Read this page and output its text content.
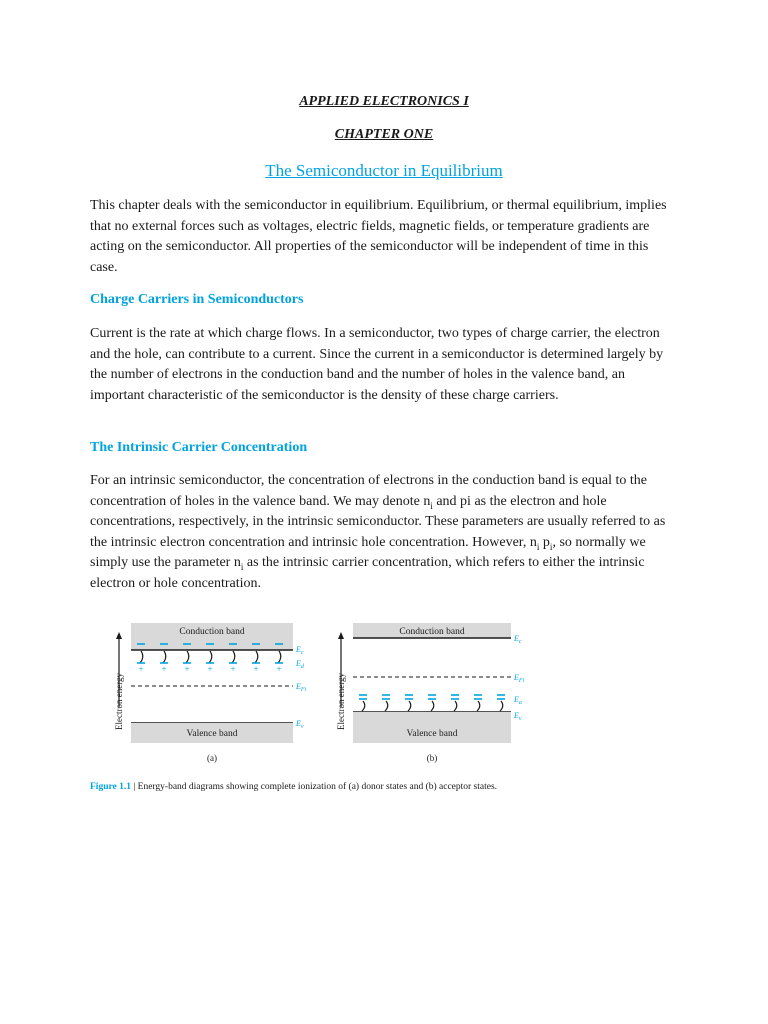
APPLIED ELECTRONICS I
CHAPTER ONE
The Semiconductor in Equilibrium

This chapter deals with the semiconductor in equilibrium. Equilibrium, or thermal equilibrium, implies that no external forces such as voltages, electric fields, magnetic fields, or temperature gradients are acting on the semiconductor. All properties of the semiconductor will be independent of time in this case.

Charge Carriers in Semiconductors

Current is the rate at which charge flows. In a semiconductor, two types of charge carrier, the electron and the hole, can contribute to a current. Since the current in a semiconductor is determined largely by the number of electrons in the conduction band and the number of holes in the valence band, an important characteristic of the semiconductor is the density of these charge carriers.

The Intrinsic Carrier Concentration

For an intrinsic semiconductor, the concentration of electrons in the conduction band is equal to the concentration of holes in the valence band. We may denote $n_i$ and pi as the electron and hole concentrations, respectively, in the intrinsic semiconductor. These parameters are usually referred to as the intrinsic electron concentration and intrinsic hole concentration. However, $n_i$ $p_i$, so normally we simply use the parameter $n_i$ as the intrinsic carrier concentration, which refers to either the intrinsic electron or hole concentration.

Electron energy
Conduction band
+ + + + + + +
Valence band
$E_c$
$E_d$
$E_{Fi}$
$E_v$
(a)
Electron energy
Conduction band
Valence band
$E_c$
$E_{Fi}$
$E_a$
$E_v$
(b)
Figure 1.1 | Energy-band diagrams showing complete ionization of (a) donor states and (b) acceptor states.
